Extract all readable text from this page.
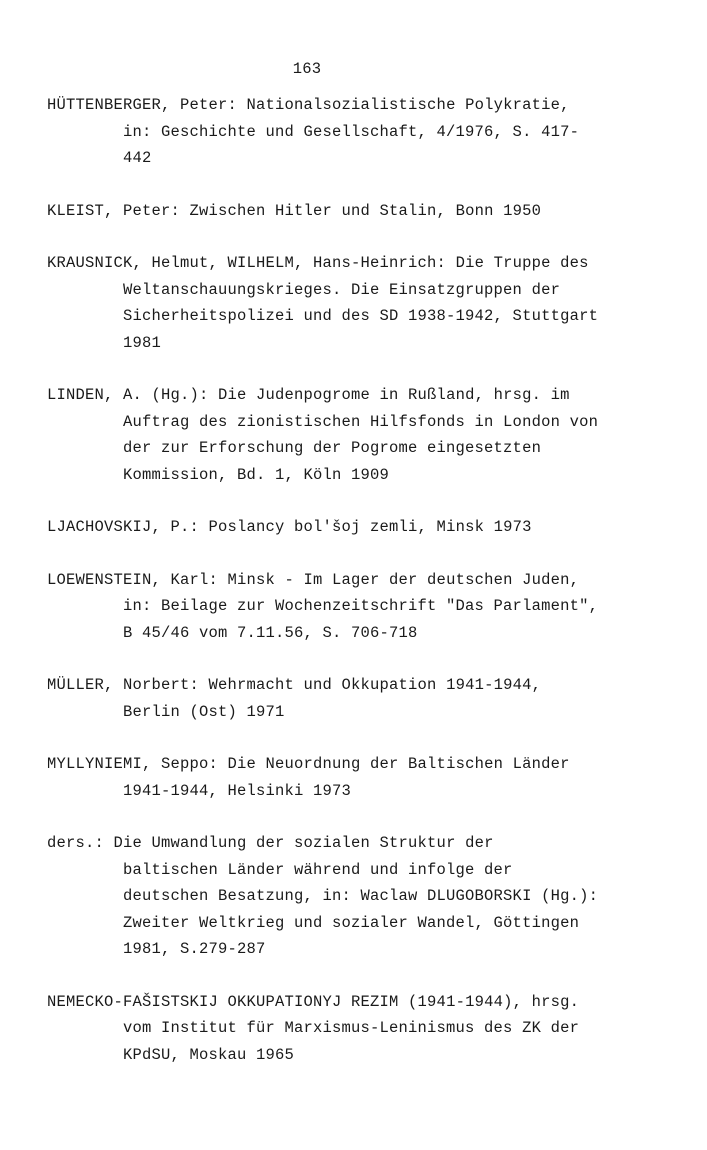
163
HÜTTENBERGER, Peter: Nationalsozialistische Polykratie,
in: Geschichte und Gesellschaft, 4/1976, S. 417-
442
KLEIST, Peter: Zwischen Hitler und Stalin, Bonn 1950
KRAUSNICK, Helmut, WILHELM, Hans-Heinrich: Die Truppe des
Weltanschauungskrieges. Die Einsatzgruppen der
Sicherheitspolizei und des SD 1938-1942, Stuttgart
1981
LINDEN, A. (Hg.): Die Judenpogrome in Rußland, hrsg. im
Auftrag des zionistischen Hilfsfonds in London von
der zur Erforschung der Pogrome eingesetzten
Kommission, Bd. 1, Köln 1909
LJACHOVSKIJ, P.: Poslancy bol'šoj zemli, Minsk 1973
LOEWENSTEIN, Karl: Minsk - Im Lager der deutschen Juden,
in: Beilage zur Wochenzeitschrift "Das Parlament",
B 45/46 vom 7.11.56, S. 706-718
MÜLLER, Norbert: Wehrmacht und Okkupation 1941-1944,
Berlin (Ost) 1971
MYLLYNIEMI, Seppo: Die Neuordnung der Baltischen Länder
1941-1944, Helsinki 1973
ders.: Die Umwandlung der sozialen Struktur der
baltischen Länder während und infolge der
deutschen Besatzung, in: Waclaw DLUGOBORSKI (Hg.):
Zweiter Weltkrieg und sozialer Wandel, Göttingen
1981, S.279-287
NEMECKO-FAŠISTSKIJ OKKUPATIONYJ REZIM (1941-1944), hrsg.
vom Institut für Marxismus-Leninismus des ZK der
KPdSU, Moskau 1965
